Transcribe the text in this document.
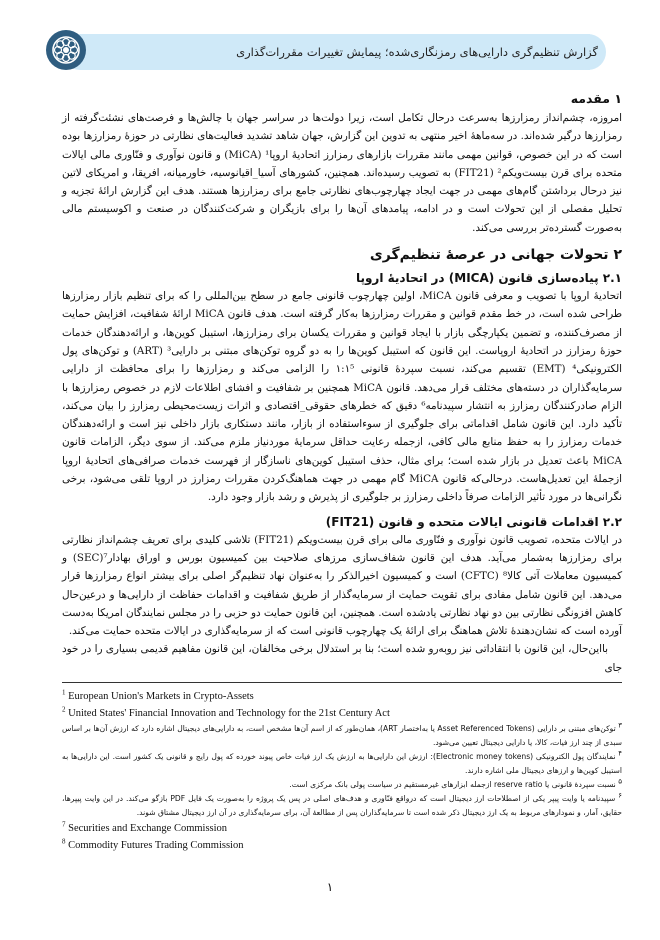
گزارش تنظیم‌گری دارایی‌های رمزنگاری‌شده؛ پیمایش تغییرات مقررات‌گذاری
۱ مقدمه

امروزه، چشم‌انداز رمزارزها به‌سرعت درحال تکامل است، زیرا دولت‌ها در سراسر جهان با چالش‌ها و فرصت‌های نشئت‌گرفته از رمزارزها درگیر شده‌اند. در سه‌ماهۀ اخیر منتهی به تدوین این گزارش، جهان شاهد تشدید فعالیت‌های نظارتی در حوزۀ رمزارزها بوده است که در این خصوص، قوانین مهمی مانند مقررات بازارهای رمزارز اتحادیۀ اروپا¹ (MiCA) و قانون نوآوری و فنّاوری مالی ایالات متحده برای قرن بیست‌ویکم² (FIT21) به تصویب رسیده‌اند. همچنین، کشورهای آسیا_اقیانوسیه، خاورمیانه، افریقا، و امریکای لاتین نیز درحال برداشتن گام‌های مهمی در جهت ایجاد چهارچوب‌های نظارتی جامع برای رمزارزها هستند. هدف این گزارش ارائۀ تجزیه و تحلیل مفصلی از این تحولات است و در ادامه، پیامدهای آن‌ها را برای بازیگران و شرکت‌کنندگان در صنعت و اکوسیستم مالی به‌صورت گسترده‌تر بررسی می‌کند.

۲ تحولات جهانی در عرصۀ تنظیم‌گری
۲.۱ پیادەسازی قانون (MICA) در اتحادیۀ اروپا

اتحادیۀ اروپا با تصویب و معرفی قانون MiCA، اولین چهارچوب قانونی جامع در سطح بین‌المللی را که برای تنظیم بازار رمزارزها طراحی شده است، در خط مقدم قوانین و مقررات رمزارزها به‌کار گرفته است. هدف قانون MiCA ارائۀ شفافیت، افزایش حمایت از مصرف‌کننده، و تضمین یکپارچگی بازار با ایجاد قوانین و مقررات یکسان برای رمزارزها، استیبل کوین‌ها، و ارائه‌دهندگان خدمات حوزۀ رمزارز در اتحادیۀ اروپاست. این قانون که استیبل کوین‌ها را به دو گروه توکن‌های مبتنی بر دارایی³ (ART) و توکن‌های پول الکترونیکی⁴ (EMT) تقسیم می‌کند، نسبت سپردۀ قانونی ۱:۱⁵ را الزامی می‌کند و رمزارزها را برای محافظت از دارایی سرمایه‌گذاران در دسته‌های مختلف قرار می‌دهد. قانون MiCA همچنین بر شفافیت و افشای اطلاعات لازم در خصوص رمزارزها با الزام صادرکنندگان رمزارز به انتشار سپیدنامه⁶ دقیق که خطرهای حقوقی_اقتصادی و اثرات زیست‌محیطی رمزارز را بیان می‌کند، تأکید دارد. این قانون شامل اقداماتی برای جلوگیری از سوءاستفاده از بازار، مانند دستکاری بازار داخلی نیز است و ارائه‌دهندگان خدمات رمزارز را به حفظ منابع مالی کافی، ازجمله رعایت حداقل سرمایۀ موردنیاز ملزم می‌کند. از سوی دیگر، الزامات قانون MiCA باعث تعدیل در بازار شده است؛ برای مثال، حذف استیبل کوین‌های ناسازگار از فهرست خدمات صرافی‌های اتحادیۀ اروپا ازجملۀ این تعدیل‌هاست. درحالی‌که قانون MiCA گام مهمی در جهت هماهنگ‌کردن مقررات رمزارز در اروپا تلقی می‌شود، برخی نگرانی‌ها در مورد تأثیر الزامات صرفاً داخلی رمزارز بر جلوگیری از پذیرش و رشد بازار وجود دارد.

۲.۲ اقدامات قانونی ایالات متحده و قانون (FIT21)

در ایالات متحده، تصویب قانون نوآوری و فنّاوری مالی برای قرن بیست‌ویکم (FIT21) تلاشی کلیدی برای تعریف چشم‌انداز نظارتی برای رمزارزها به‌شمار می‌آید. هدف این قانون شفاف‌سازی مرزهای صلاحیت بین کمیسیون بورس و اوراق بهادار⁷(SEC) و کمیسیون معاملات آتی کالا⁸ (CFTC) است و کمیسیون اخیرالذکر را به‌عنوان نهاد تنظیم‌گر اصلی برای بیشتر انواع رمزارزها قرار می‌دهد. این قانون شامل مفادی برای تقویت حمایت از سرمایه‌گذار از طریق شفافیت و اقدامات حفاظت از دارایی‌ها و درعین‌حال کاهش افزونگی نظارتی بین دو نهاد نظارتی یادشده است. همچنین، این قانون حمایت دو حزبی را در مجلس نمایندگان امریکا به‌دست آورده است که نشان‌دهندۀ تلاش هماهنگ برای ارائۀ یک چهارچوب قانونی است که از سرمایه‌گذاری در ایالات متحده حمایت می‌کند.

بااین‌حال، این قانون با انتقاداتی نیز روبه‌رو شده است؛ بنا بر استدلال برخی مخالفان، این قانون مفاهیم قدیمی بسیاری را در خود جای

$^1$ European Union's Markets in Crypto-Assets
$^2$ United States' Financial Innovation and Technology for the 21st Century Act
$^۳$ توکن‌های مبتنی بر دارایی (Asset Referenced Tokens یا به‌اختصار ART)، همان‌طور که از اسم آن‌ها مشخص است، به دارایی‌های دیجیتال اشاره دارد که ارزش آن‌ها بر اساس سبدی از چند ارز فیات، کالا، یا دارایی دیجیتال تعیین می‌شود.
$^۴$ نمایندگان پول الکترونیکی (Electronic money tokens): ارزش این دارایی‌ها به ارزش یک ارز فیات خاص پیوند خورده که پول رایج و قانونی یک کشور است. این دارایی‌ها به استیبل کوین‌ها و ارزهای دیجیتال ملی اشاره دارند.
$^۵$ نسبت سپردۀ قانونی یا reserve ratio ازجمله ابزارهای غیرمستقیم در سیاست پولی بانک مرکزی است.
$^۶$ سپیدنامه یا وایت پیپر یکی از اصطلاحات ارز دیجیتال است که درواقع فنّاوری و هدف‌های اصلی در پس یک پروژه را به‌صورت یک فایل PDF بازگو می‌کند. در این وایت پیپرها، حقایق، آمار، و نمودارهای مربوط به یک ارز دیجیتال ذکر شده است تا سرمایه‌گذاران پس از مطالعۀ آن، برای سرمایه‌گذاری در آن ارز دیجیتال مشتاق شوند.
$^7$ Securities and Exchange Commission
$^8$ Commodity Futures Trading Commission
۱
